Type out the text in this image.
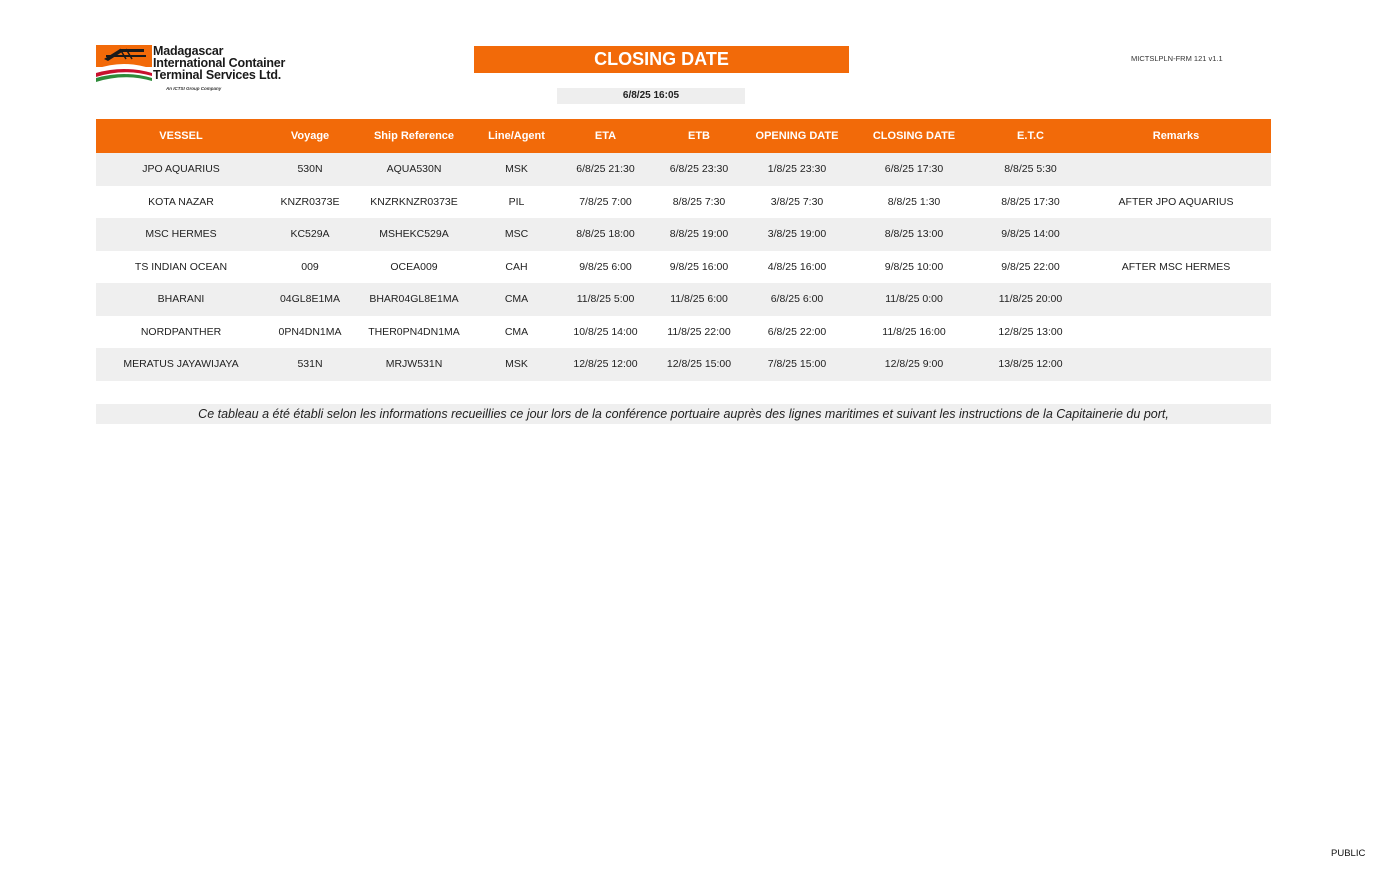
Madagascar
International Container
Terminal Services Ltd.
An ICTSI Group Company
CLOSING DATE
6/8/25 16:05
MICTSLPLN-FRM 121 v1.1
VESSEL	Voyage	Ship Reference	Line/Agent	ETA	ETB	OPENING DATE	CLOSING DATE	E.T.C	Remarks
JPO AQUARIUS	530N	AQUA530N	MSK	6/8/25 21:30	6/8/25 23:30	1/8/25 23:30	6/8/25 17:30	8/8/25 5:30
KOTA NAZAR	KNZR0373E	KNZRKNZR0373E	PIL	7/8/25 7:00	8/8/25 7:30	3/8/25 7:30	8/8/25 1:30	8/8/25 17:30	AFTER JPO AQUARIUS
MSC HERMES	KC529A	MSHEKC529A	MSC	8/8/25 18:00	8/8/25 19:00	3/8/25 19:00	8/8/25 13:00	9/8/25 14:00
TS INDIAN OCEAN	009	OCEA009	CAH	9/8/25 6:00	9/8/25 16:00	4/8/25 16:00	9/8/25 10:00	9/8/25 22:00	AFTER MSC HERMES
BHARANI	04GL8E1MA	BHAR04GL8E1MA	CMA	11/8/25 5:00	11/8/25 6:00	6/8/25 6:00	11/8/25 0:00	11/8/25 20:00
NORDPANTHER	0PN4DN1MA	THER0PN4DN1MA	CMA	10/8/25 14:00	11/8/25 22:00	6/8/25 22:00	11/8/25 16:00	12/8/25 13:00
MERATUS JAYAWIJAYA	531N	MRJW531N	MSK	12/8/25 12:00	12/8/25 15:00	7/8/25 15:00	12/8/25 9:00	13/8/25 12:00
Ce tableau a été établi selon les informations recueillies ce jour lors de la conférence portuaire auprès des lignes maritimes et suivant les instructions de la Capitainerie du port,
PUBLIC
